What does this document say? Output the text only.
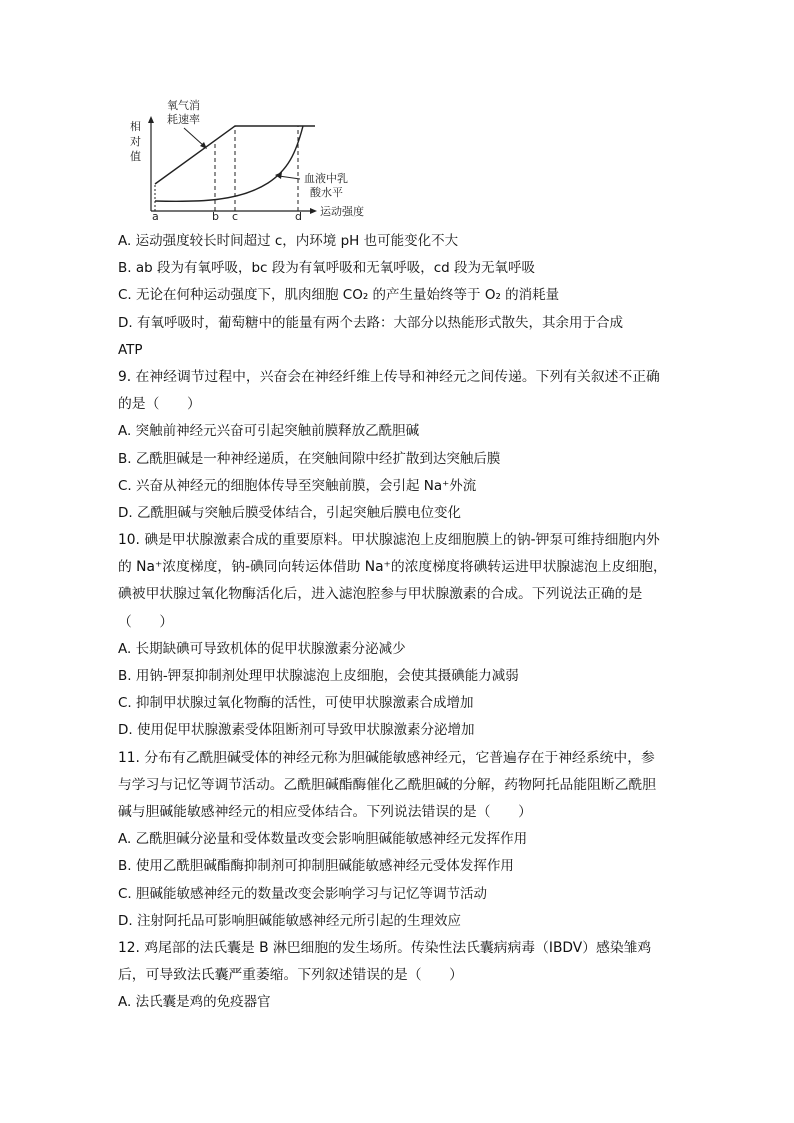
相
对
值
氧气消
耗速率
血液中乳
酸水平
a	b c	d 运动强度
A. 运动强度较长时间超过 c，内环境 pH 也可能变化不大
B. ab 段为有氧呼吸，bc 段为有氧呼吸和无氧呼吸，cd 段为无氧呼吸
C. 无论在何种运动强度下，肌肉细胞 CO₂ 的产生量始终等于 O₂ 的消耗量
D. 有氧呼吸时，葡萄糖中的能量有两个去路：大部分以热能形式散失，其余用于合成
ATP
9. 在神经调节过程中，兴奋会在神经纤维上传导和神经元之间传递。下列有关叙述不正确
的是（　　）
A. 突触前神经元兴奋可引起突触前膜释放乙酰胆碱
B. 乙酰胆碱是一种神经递质，在突触间隙中经扩散到达突触后膜
C. 兴奋从神经元的细胞体传导至突触前膜，会引起 Na⁺外流
D. 乙酰胆碱与突触后膜受体结合，引起突触后膜电位变化
10. 碘是甲状腺激素合成的重要原料。甲状腺滤泡上皮细胞膜上的钠-钾泵可维持细胞内外
的 Na⁺浓度梯度，钠-碘同向转运体借助 Na⁺的浓度梯度将碘转运进甲状腺滤泡上皮细胞，
碘被甲状腺过氧化物酶活化后，进入滤泡腔参与甲状腺激素的合成。下列说法正确的是
（　　）
A. 长期缺碘可导致机体的促甲状腺激素分泌减少
B. 用钠-钾泵抑制剂处理甲状腺滤泡上皮细胞，会使其摄碘能力减弱
C. 抑制甲状腺过氧化物酶的活性，可使甲状腺激素合成增加
D. 使用促甲状腺激素受体阻断剂可导致甲状腺激素分泌增加
11. 分布有乙酰胆碱受体的神经元称为胆碱能敏感神经元，它普遍存在于神经系统中，参
与学习与记忆等调节活动。乙酰胆碱酯酶催化乙酰胆碱的分解，药物阿托品能阻断乙酰胆
碱与胆碱能敏感神经元的相应受体结合。下列说法错误的是（　　）
A. 乙酰胆碱分泌量和受体数量改变会影响胆碱能敏感神经元发挥作用
B. 使用乙酰胆碱酯酶抑制剂可抑制胆碱能敏感神经元受体发挥作用
C. 胆碱能敏感神经元的数量改变会影响学习与记忆等调节活动
D. 注射阿托品可影响胆碱能敏感神经元所引起的生理效应
12. 鸡尾部的法氏囊是 B 淋巴细胞的发生场所。传染性法氏囊病病毒（IBDV）感染雏鸡
后，可导致法氏囊严重萎缩。下列叙述错误的是（　　）
A. 法氏囊是鸡的免疫器官
